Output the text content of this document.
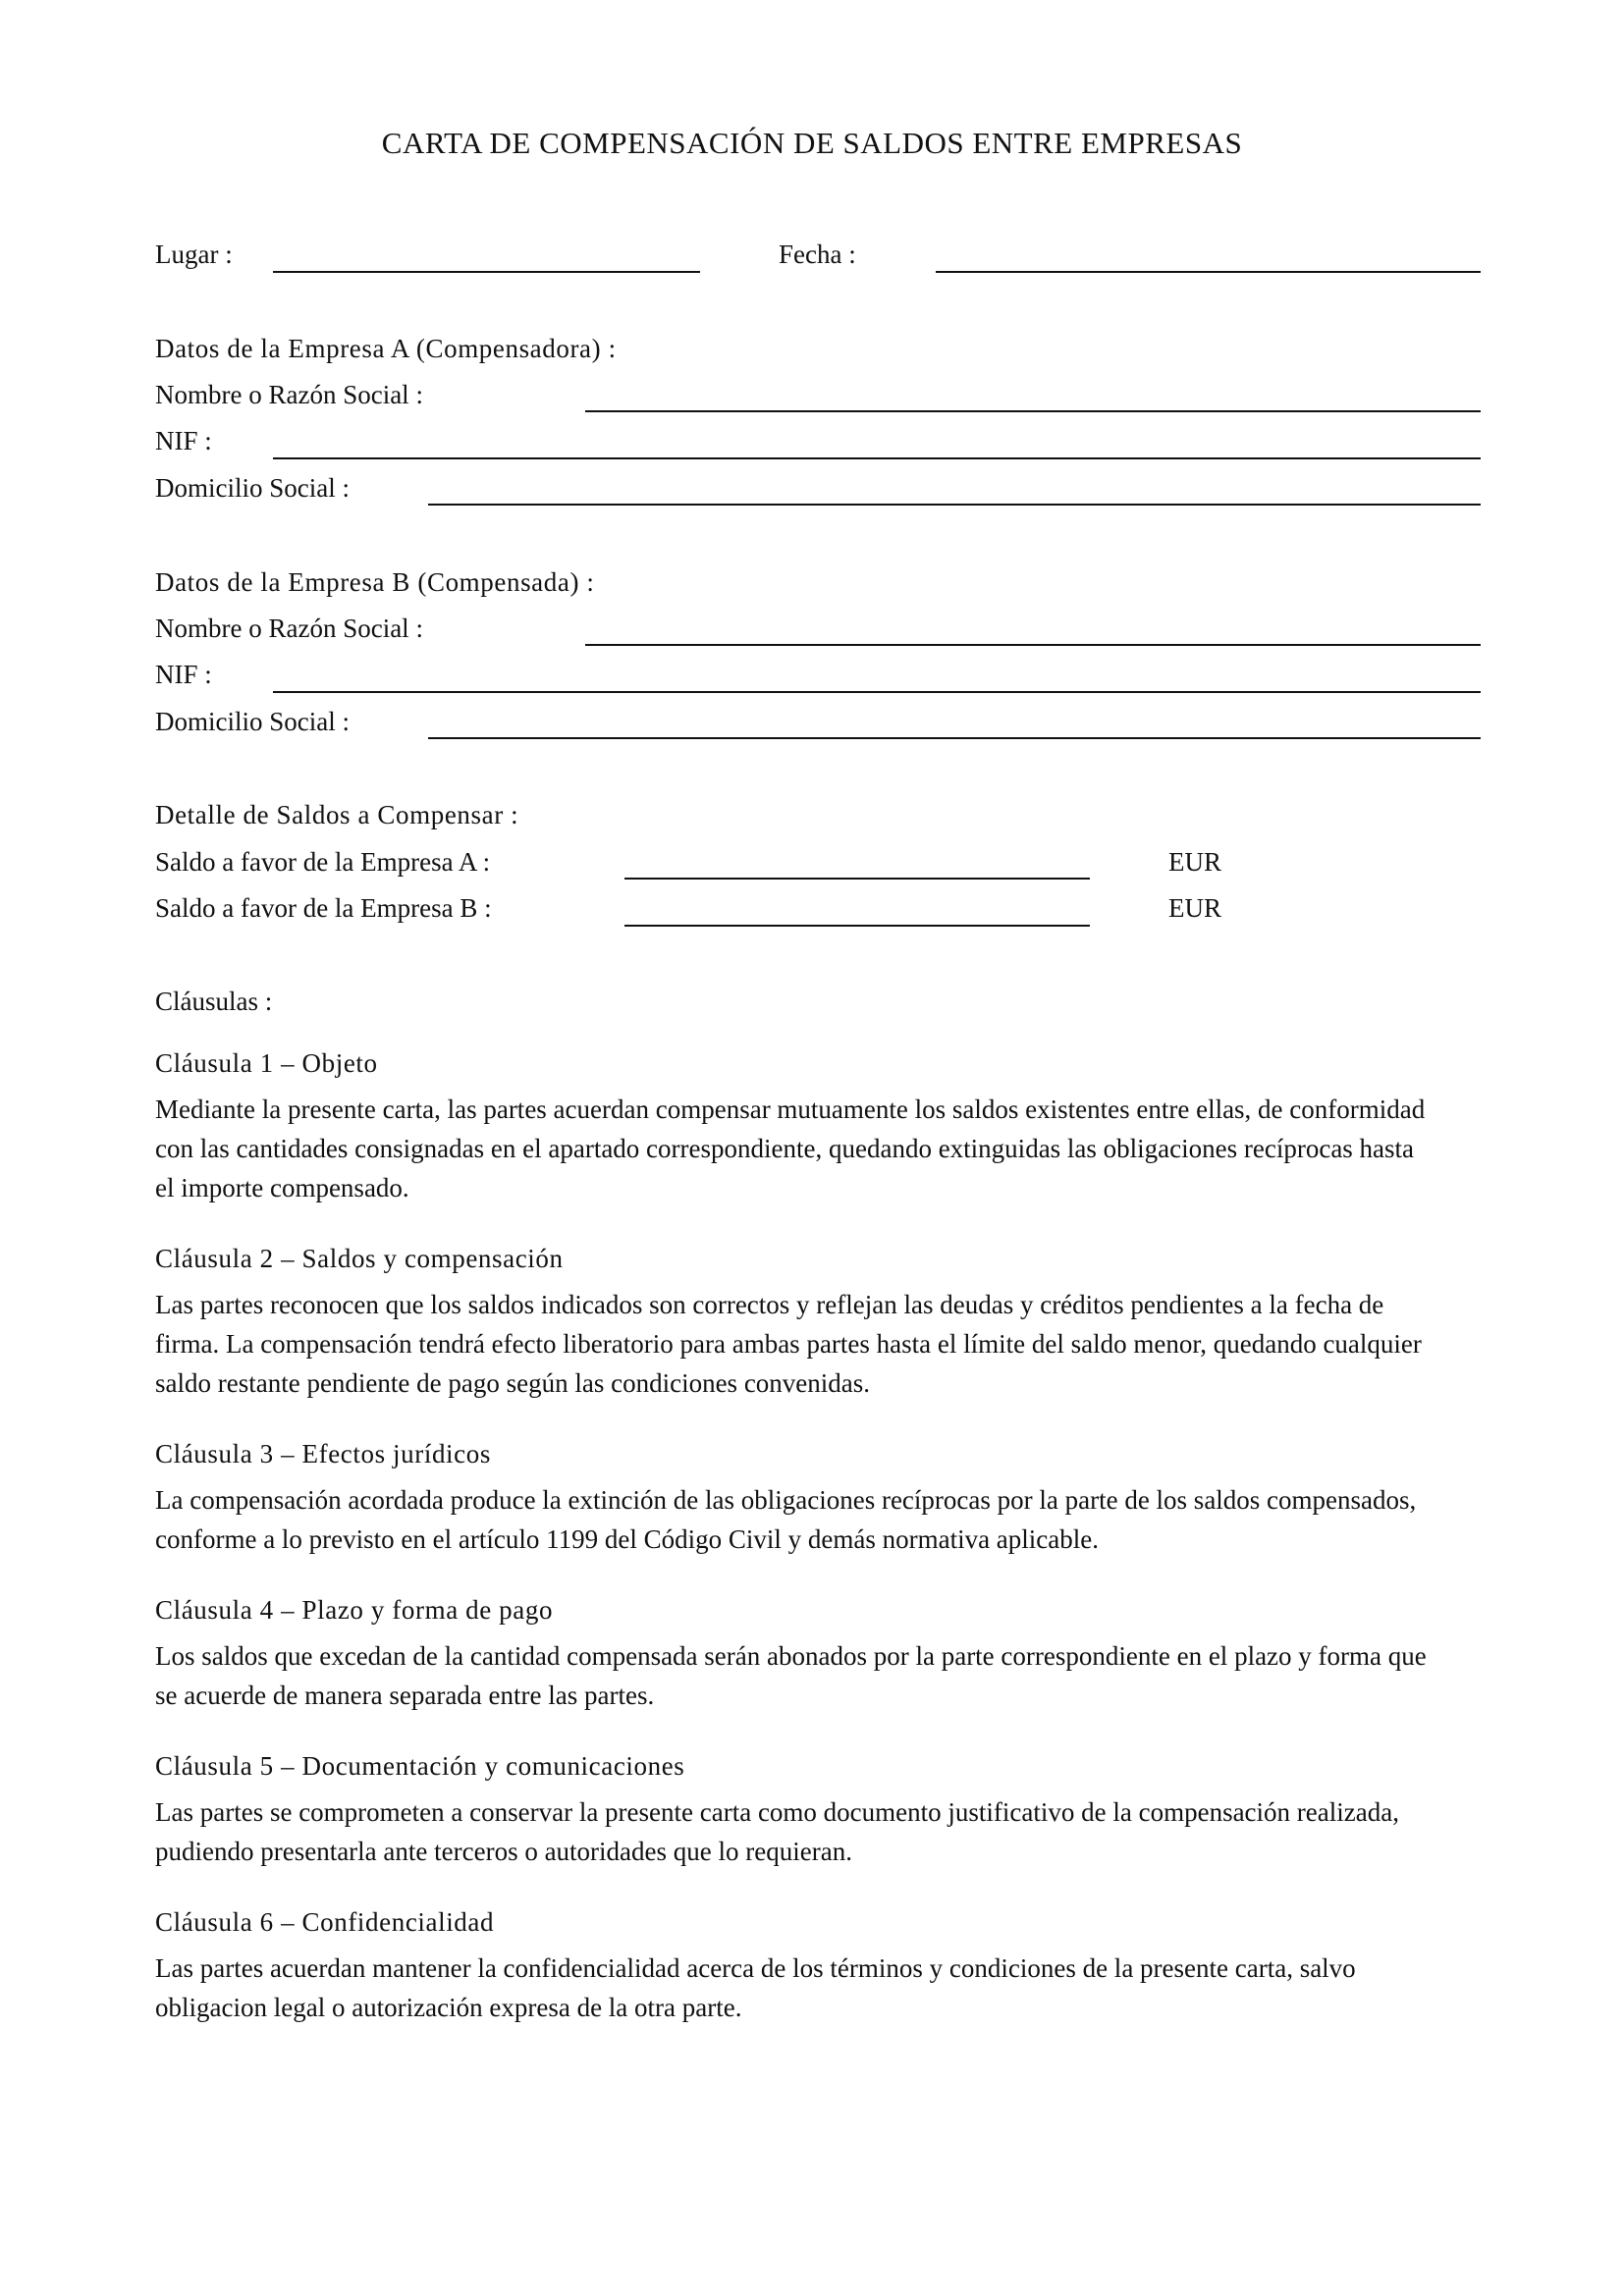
CARTA DE COMPENSACIÓN DE SALDOS ENTRE EMPRESAS
Lugar :	Fecha :
Datos de la Empresa A (Compensadora) :
Nombre o Razón Social :
NIF :
Domicilio Social :
Datos de la Empresa B (Compensada) :
Nombre o Razón Social :
NIF :
Domicilio Social :
Detalle de Saldos a Compensar :
Saldo a favor de la Empresa A :	EUR
Saldo a favor de la Empresa B :	EUR
Cláusulas :
Cláusula 1 – Objeto
Mediante la presente carta, las partes acuerdan compensar mutuamente los saldos existentes entre ellas, de conformidad
con las cantidades consignadas en el apartado correspondiente, quedando extinguidas las obligaciones recíprocas hasta
el importe compensado.
Cláusula 2 – Saldos y compensación
Las partes reconocen que los saldos indicados son correctos y reflejan las deudas y créditos pendientes a la fecha de
firma. La compensación tendrá efecto liberatorio para ambas partes hasta el límite del saldo menor, quedando cualquier
saldo restante pendiente de pago según las condiciones convenidas.
Cláusula 3 – Efectos jurídicos
La compensación acordada produce la extinción de las obligaciones recíprocas por la parte de los saldos compensados,
conforme a lo previsto en el artículo 1199 del Código Civil y demás normativa aplicable.
Cláusula 4 – Plazo y forma de pago
Los saldos que excedan de la cantidad compensada serán abonados por la parte correspondiente en el plazo y forma que
se acuerde de manera separada entre las partes.
Cláusula 5 – Documentación y comunicaciones
Las partes se comprometen a conservar la presente carta como documento justificativo de la compensación realizada,
pudiendo presentarla ante terceros o autoridades que lo requieran.
Cláusula 6 – Confidencialidad
Las partes acuerdan mantener la confidencialidad acerca de los términos y condiciones de la presente carta, salvo
obligacion legal o autorización expresa de la otra parte.
